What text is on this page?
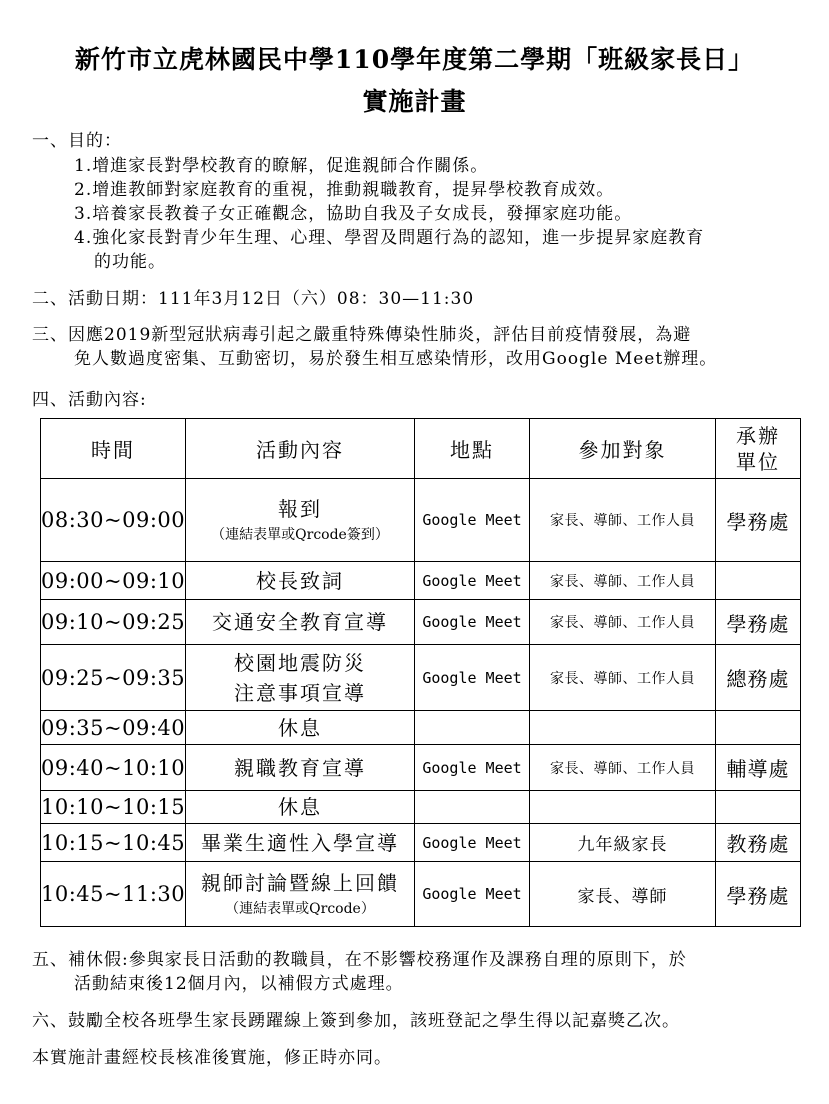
新竹市立虎林國民中學110學年度第二學期「班級家長日」
實施計畫
一、目的：
1.增進家長對學校教育的瞭解，促進親師合作關係。
2.增進教師對家庭教育的重視，推動親職教育，提昇學校教育成效。
3.培養家長教養子女正確觀念，協助自我及子女成長，發揮家庭功能。
4.強化家長對青少年生理、心理、學習及問題行為的認知，進一步提昇家庭教育
的功能。
二、活動日期：111年3月12日（六）08：30—11:30
三、因應2019新型冠狀病毒引起之嚴重特殊傳染性肺炎，評估目前疫情發展，為避
免人數過度密集、互動密切，易於發生相互感染情形，改用Google Meet辦理。
四、活動內容:
時間	活動內容	地點	參加對象	承辦
單位
08:30~09:00	報到
（連結表單或Qrcode簽到）	Google Meet	家長、導師、工作人員	學務處
09:00~09:10	校長致詞	Google Meet	家長、導師、工作人員	
09:10~09:25	交通安全教育宣導	Google Meet	家長、導師、工作人員	學務處
09:25~09:35	校園地震防災
注意事項宣導	Google Meet	家長、導師、工作人員	總務處
09:35~09:40	休息			
09:40~10:10	親職教育宣導	Google Meet	家長、導師、工作人員	輔導處
10:10~10:15	休息			
10:15~10:45	畢業生適性入學宣導	Google Meet	九年級家長	教務處
10:45~11:30	親師討論暨線上回饋
（連結表單或Qrcode）	Google Meet	家長、導師	學務處
五、補休假:參與家長日活動的教職員，在不影響校務運作及課務自理的原則下，於
活動結束後12個月內，以補假方式處理。
六、鼓勵全校各班學生家長踴躍線上簽到參加，該班登記之學生得以記嘉獎乙次。
本實施計畫經校長核准後實施，修正時亦同。
